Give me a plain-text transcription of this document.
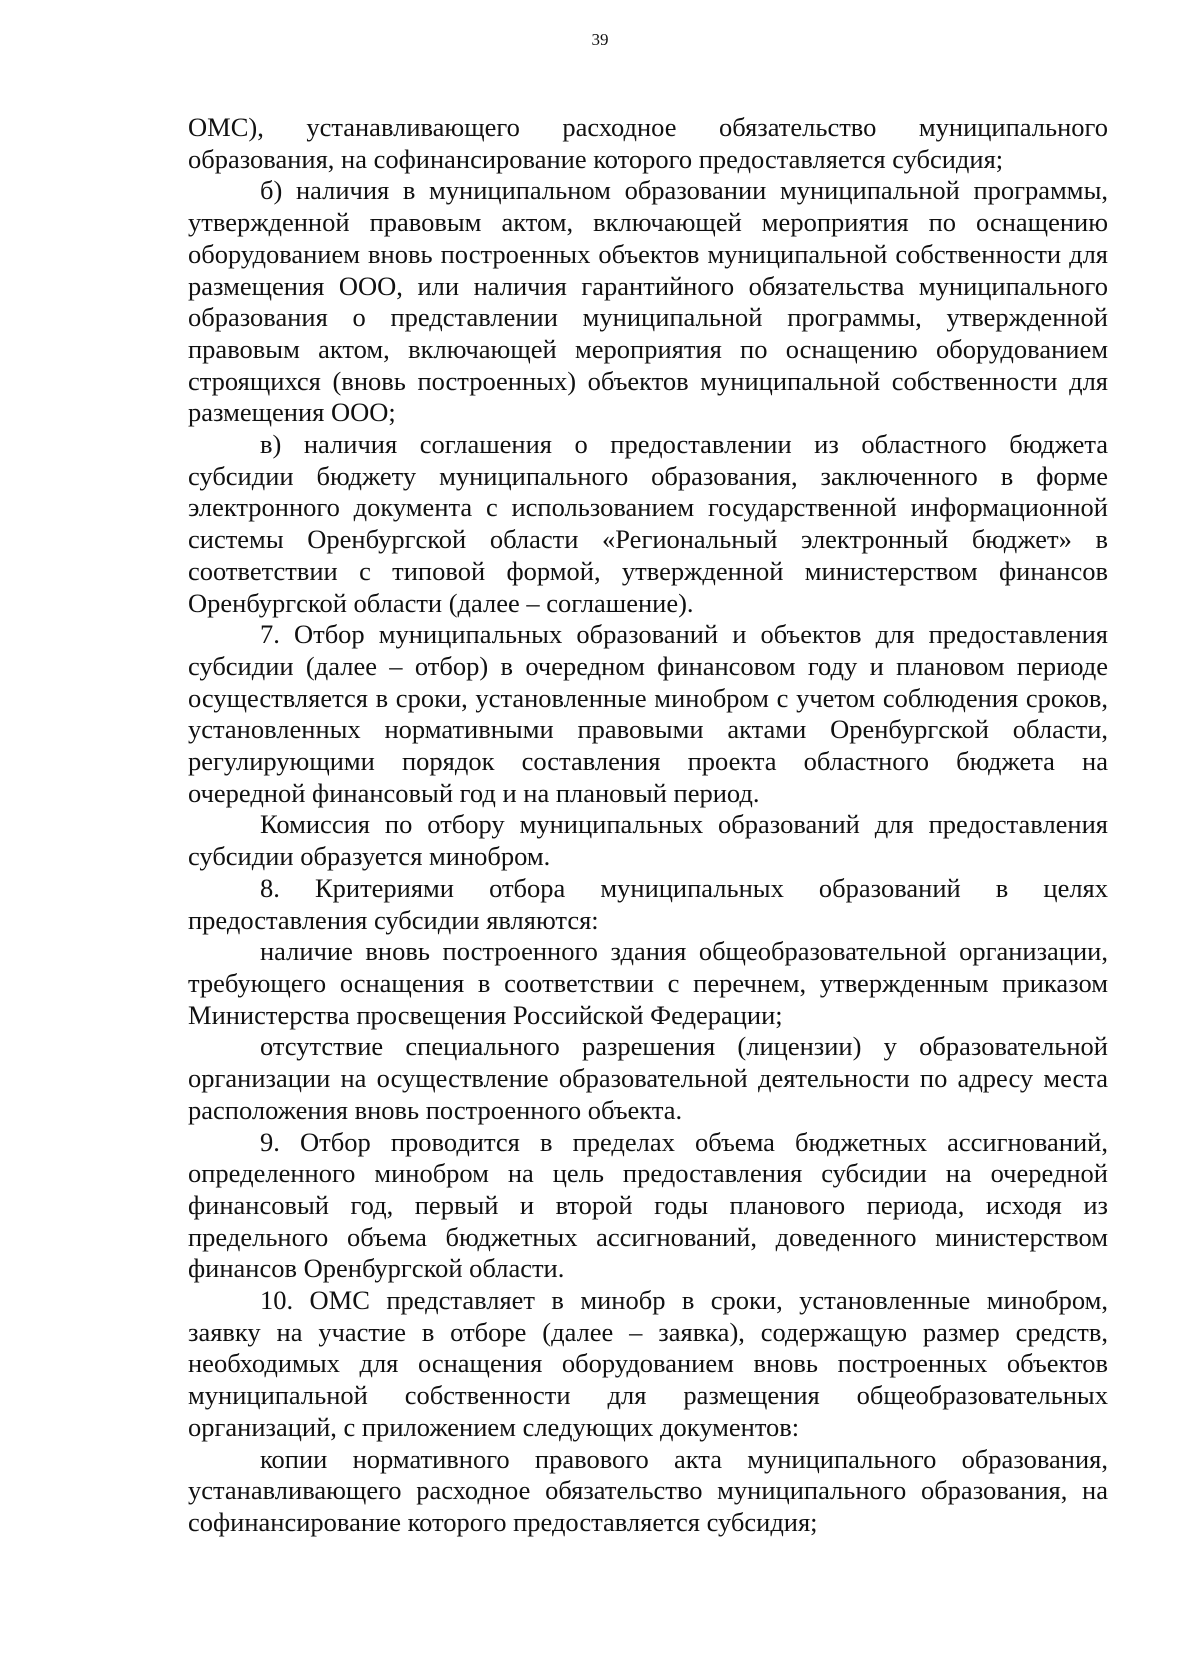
39

ОМС), устанавливающего расходное обязательство муниципального образования, на софинансирование которого предоставляется субсидия;

б) наличия в муниципальном образовании муниципальной программы, утвержденной правовым актом, включающей мероприятия по оснащению оборудованием вновь построенных объектов муниципальной собственности для размещения ООО, или наличия гарантийного обязательства муниципального образования о представлении муниципальной программы, утвержденной правовым актом, включающей мероприятия по оснащению оборудованием строящихся (вновь построенных) объектов муниципальной собственности для размещения ООО;

в) наличия соглашения о предоставлении из областного бюджета субсидии бюджету муниципального образования, заключенного в форме электронного документа с использованием государственной информационной системы Оренбургской области «Региональный электронный бюджет» в соответствии с типовой формой, утвержденной министерством финансов Оренбургской области (далее – соглашение).

7. Отбор муниципальных образований и объектов для предоставления субсидии (далее – отбор) в очередном финансовом году и плановом периоде осуществляется в сроки, установленные минобром с учетом соблюдения сроков, установленных нормативными правовыми актами Оренбургской области, регулирующими порядок составления проекта областного бюджета на очередной финансовый год и на плановый период.

Комиссия по отбору муниципальных образований для предоставления субсидии образуется минобром.

8. Критериями отбора муниципальных образований в целях предоставления субсидии являются:

наличие вновь построенного здания общеобразовательной организации, требующего оснащения в соответствии с перечнем, утвержденным приказом Министерства просвещения Российской Федерации;

отсутствие специального разрешения (лицензии) у образовательной организации на осуществление образовательной деятельности по адресу места расположения вновь построенного объекта.

9. Отбор проводится в пределах объема бюджетных ассигнований, определенного минобром на цель предоставления субсидии на очередной финансовый год, первый и второй годы планового периода, исходя из предельного объема бюджетных ассигнований, доведенного министерством финансов Оренбургской области.

10. ОМС представляет в минобр в сроки, установленные минобром, заявку на участие в отборе (далее – заявка), содержащую размер средств, необходимых для оснащения оборудованием вновь построенных объектов муниципальной собственности для размещения общеобразовательных организаций, с приложением следующих документов:

копии нормативного правового акта муниципального образования, устанавливающего расходное обязательство муниципального образования, на софинансирование которого предоставляется субсидия;
